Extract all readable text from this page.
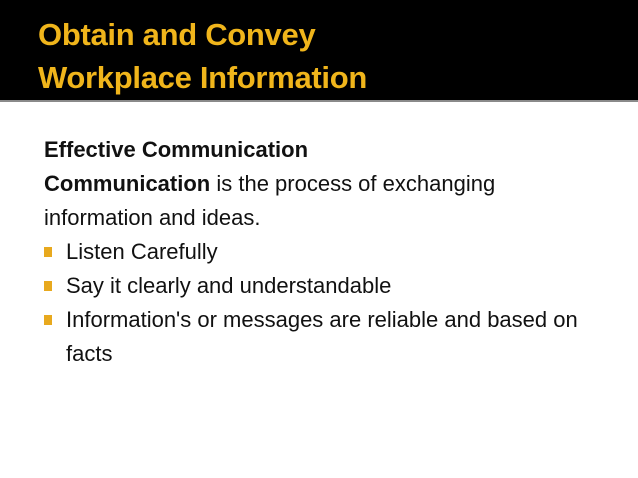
Obtain and Convey
Workplace Information

Effective Communication

Communication is the process of exchanging information and ideas.

Listen Carefully
Say it clearly and understandable
Information's or messages are reliable and based on facts
